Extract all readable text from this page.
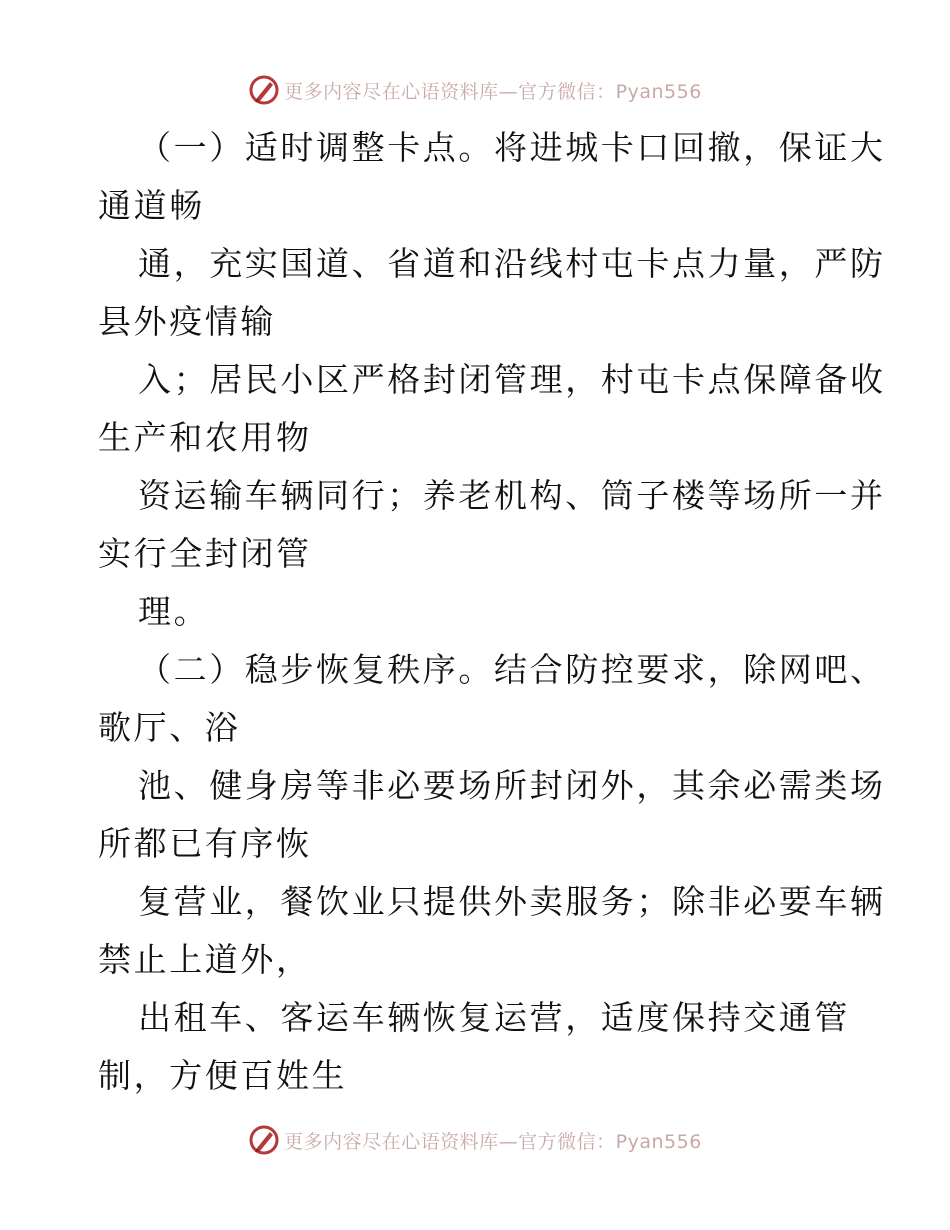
更多内容尽在心语资料库—官方微信：Pyan556
（一）适时调整卡点。将进城卡口回撤，保证大
通道畅
通，充实国道、省道和沿线村屯卡点力量，严防
县外疫情输
入；居民小区严格封闭管理，村屯卡点保障备收
生产和农用物
资运输车辆同行；养老机构、筒子楼等场所一并
实行全封闭管
理。
（二）稳步恢复秩序。结合防控要求，除网吧、
歌厅、浴
池、健身房等非必要场所封闭外，其余必需类场
所都已有序恢
复营业，餐饮业只提供外卖服务；除非必要车辆
禁止上道外，
出租车、客运车辆恢复运营，适度保持交通管
制，方便百姓生
更多内容尽在心语资料库—官方微信：Pyan556
